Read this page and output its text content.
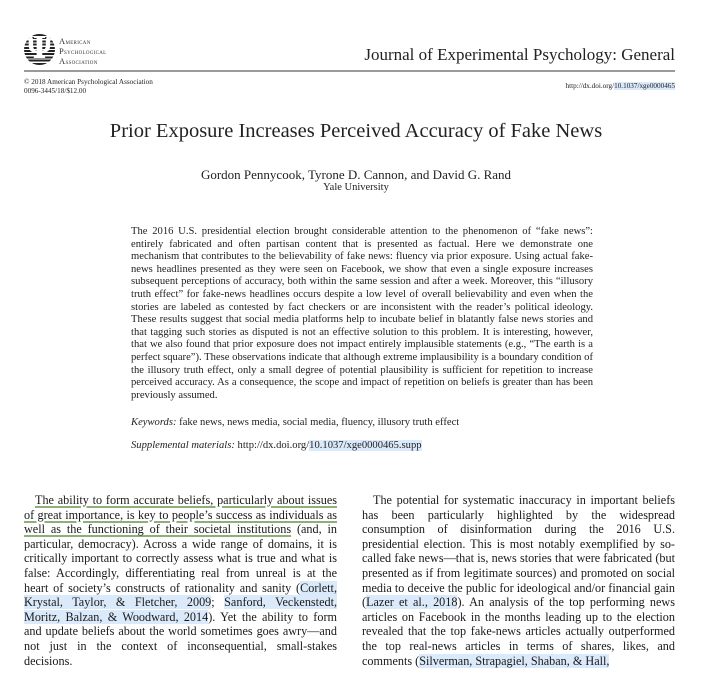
Ψ American
Psychological
Association	Journal of Experimental Psychology: General
© 2018 American Psychological Association
0096-3445/18/$12.00
http://dx.doi.org/10.1037/xge0000465
Prior Exposure Increases Perceived Accuracy of Fake News
Gordon Pennycook, Tyrone D. Cannon, and David G. Rand
Yale University
The 2016 U.S. presidential election brought considerable attention to the phenomenon of “fake news”: entirely fabricated and often partisan content that is presented as factual. Here we demonstrate one mechanism that contributes to the believability of fake news: fluency via prior exposure. Using actual fake-news headlines presented as they were seen on Facebook, we show that even a single exposure increases subsequent perceptions of accuracy, both within the same session and after a week. Moreover, this “illusory truth effect” for fake-news headlines occurs despite a low level of overall believability and even when the stories are labeled as contested by fact checkers or are inconsistent with the reader’s political ideology. These results suggest that social media platforms help to incubate belief in blatantly false news stories and that tagging such stories as disputed is not an effective solution to this problem. It is interesting, however, that we also found that prior exposure does not impact entirely implausible statements (e.g., “The earth is a perfect square”). These observations indicate that although extreme implausibility is a boundary condition of the illusory truth effect, only a small degree of potential plausibility is sufficient for repetition to increase perceived accuracy. As a consequence, the scope and impact of repetition on beliefs is greater than has been previously assumed.
Keywords: fake news, news media, social media, fluency, illusory truth effect
Supplemental materials: http://dx.doi.org/10.1037/xge0000465.supp
The ability to form accurate beliefs, particularly about issues of great importance, is key to people’s success as individuals as well as the functioning of their societal institutions (and, in particular, democracy). Across a wide range of domains, it is critically important to correctly assess what is true and what is false: Accordingly, differentiating real from unreal is at the heart of society’s constructs of rationality and sanity (Corlett, Krystal, Taylor, & Fletcher, 2009; Sanford, Veckenstedt, Moritz, Balzan, & Woodward, 2014). Yet the ability to form and update beliefs about the world sometimes goes awry—and not just in the context of inconsequential, small-stakes decisions.
The potential for systematic inaccuracy in important beliefs has been particularly highlighted by the widespread consumption of disinformation during the 2016 U.S. presidential election. This is most notably exemplified by so-called fake news—that is, news stories that were fabricated (but presented as if from legitimate sources) and promoted on social media to deceive the public for ideological and/or financial gain (Lazer et al., 2018). An analysis of the top performing news articles on Facebook in the months leading up to the election revealed that the top fake-news articles actually outperformed the top real-news articles in terms of shares, likes, and comments (Silverman, Strapagiel, Shaban, & Hall,
